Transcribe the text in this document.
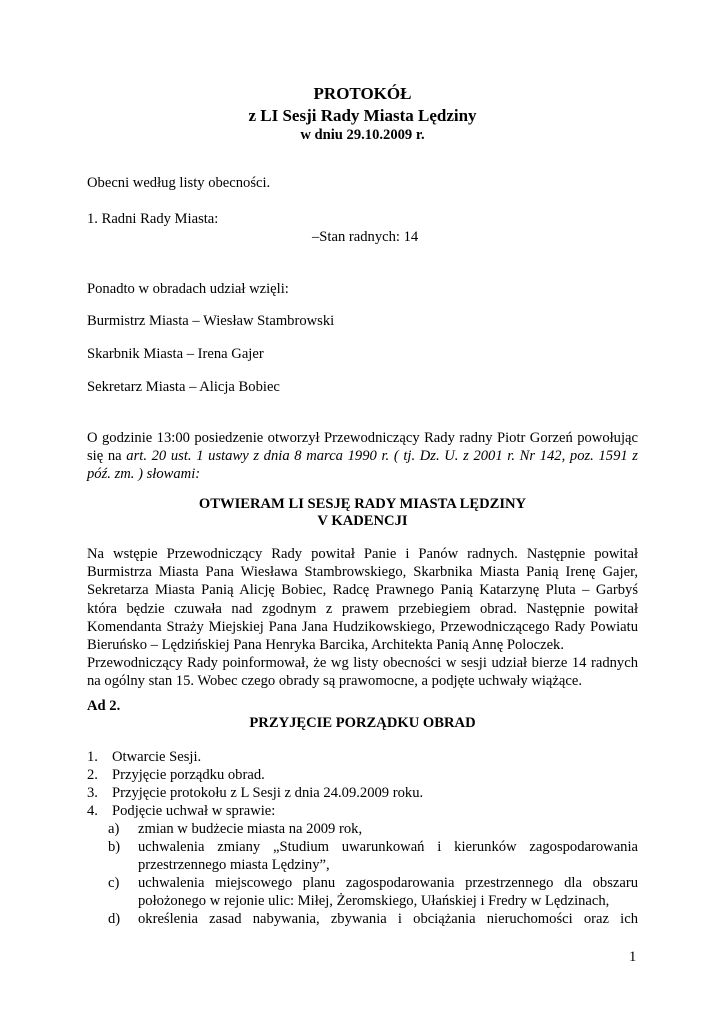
PROTOKÓŁ
z LI Sesji Rady Miasta Lędziny
w dniu 29.10.2009 r.
Obecni według listy obecności.
1. Radni Rady Miasta:
–Stan radnych: 14
Ponadto w obradach udział wzięli:
Burmistrz Miasta – Wiesław Stambrowski
Skarbnik Miasta – Irena Gajer
Sekretarz Miasta – Alicja Bobiec
O godzinie 13:00 posiedzenie otworzył Przewodniczący Rady radny Piotr Gorzeń powołując
się na art. 20 ust. 1 ustawy z dnia 8 marca 1990 r. ( tj. Dz. U. z 2001 r. Nr 142, poz. 1591 z
póź. zm. ) słowami:
OTWIERAM LI SESJĘ RADY MIASTA LĘDZINY
V KADENCJI
Na wstępie Przewodniczący Rady powitał Panie i Panów radnych. Następnie powitał
Burmistrza Miasta Pana Wiesława Stambrowskiego, Skarbnika Miasta Panią Irenę Gajer,
Sekretarza Miasta Panią Alicję Bobiec, Radcę Prawnego Panią Katarzynę Pluta – Garbyś
która będzie czuwała nad zgodnym z prawem przebiegiem obrad. Następnie powitał
Komendanta Straży Miejskiej Pana Jana Hudzikowskiego, Przewodniczącego Rady Powiatu
Bieruńsko – Lędzińskiej Pana Henryka Barcika, Architekta Panią Annę Poloczek.
Przewodniczący Rady poinformował, że wg listy obecności w sesji udział bierze 14 radnych
na ogólny stan 15. Wobec czego obrady są prawomocne, a podjęte uchwały wiążące.
Ad 2.
PRZYJĘCIE PORZĄDKU OBRAD
1. Otwarcie Sesji.
2. Przyjęcie porządku obrad.
3. Przyjęcie protokołu z L Sesji z dnia 24.09.2009 roku.
4. Podjęcie uchwał w sprawie:
a) zmian w budżecie miasta na 2009 rok,
b) uchwalenia zmiany „Studium uwarunkowań i kierunków zagospodarowania
przestrzennego miasta Lędziny”,
c) uchwalenia miejscowego planu zagospodarowania przestrzennego dla obszaru
położonego w rejonie ulic: Miłej, Żeromskiego, Ułańskiej i Fredry w Lędzinach,
d) określenia zasad nabywania, zbywania i obciążania nieruchomości oraz ich
1
